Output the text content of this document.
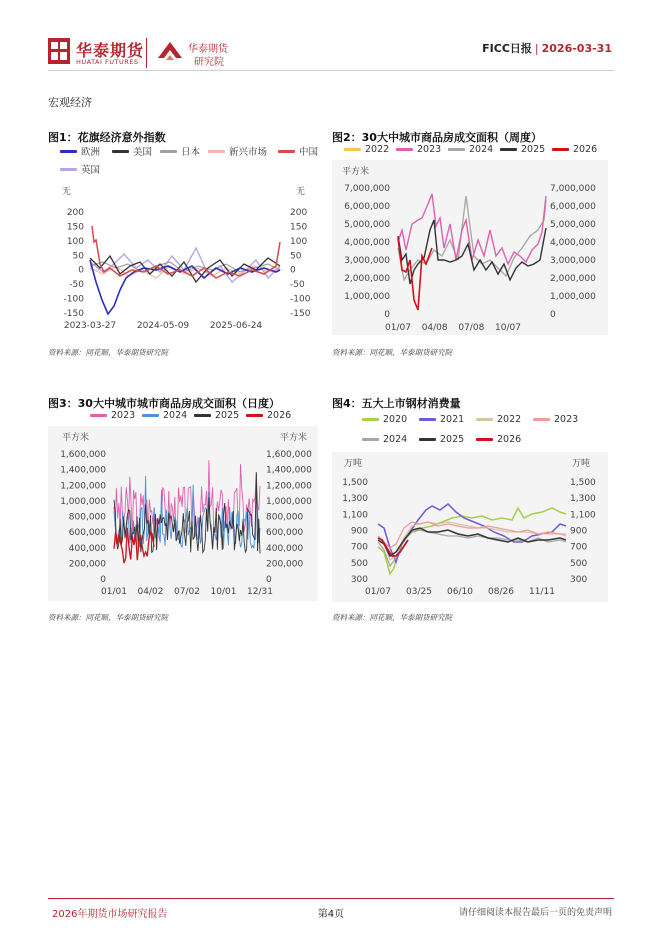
华泰期货
HUATAI FUTURES
华泰期货
研究院
FICC日报 | 2026-03-31
宏观经济
图1：花旗经济意外指数
欧洲	美国	日本	新兴市场	中国
英国
无	无
200
150
100
50
0
-50
-100
-150
200
150
100
50
0
-50
-100
-150
2023-03-27 2024-05-09 2025-06-24
资料来源：同花顺，华泰期货研究院
图2：30大中城市商品房成交面积（周度）
2022	2023	2024	2025	2026
平方米
7,000,000
6,000,000
5,000,000
4,000,000
3,000,000
2,000,000
1,000,000
0
7,000,000
6,000,000
5,000,000
4,000,000
3,000,000
2,000,000
1,000,000
0
01/07 04/08 07/08 10/07
资料来源：同花顺，华泰期货研究院
图3：30大中城市城市商品房成交面积（日度）
2023	2024	2025	2026
平方米	平方米
1,600,000
1,400,000
1,200,000
1,000,000
800,000
600,000
400,000
200,000
0
1,600,000
1,400,000
1,200,000
1,000,000
800,000
600,000
400,000
200,000
0
01/01 04/02 07/02 10/01 12/31
资料来源：同花顺，华泰期货研究院
图4：五大上市钢材消费量
2020	2021	2022	2023
2024	2025	2026
万吨	万吨
1,500
1,300
1,100
900
700
500
300
1,500
1,300
1,100
900
700
500
300
01/07 03/25 06/10 08/26 11/11
资料来源：同花顺，华泰期货研究院
2026年期货市场研究报告	第4页	请仔细阅读本报告最后一页的免责声明
